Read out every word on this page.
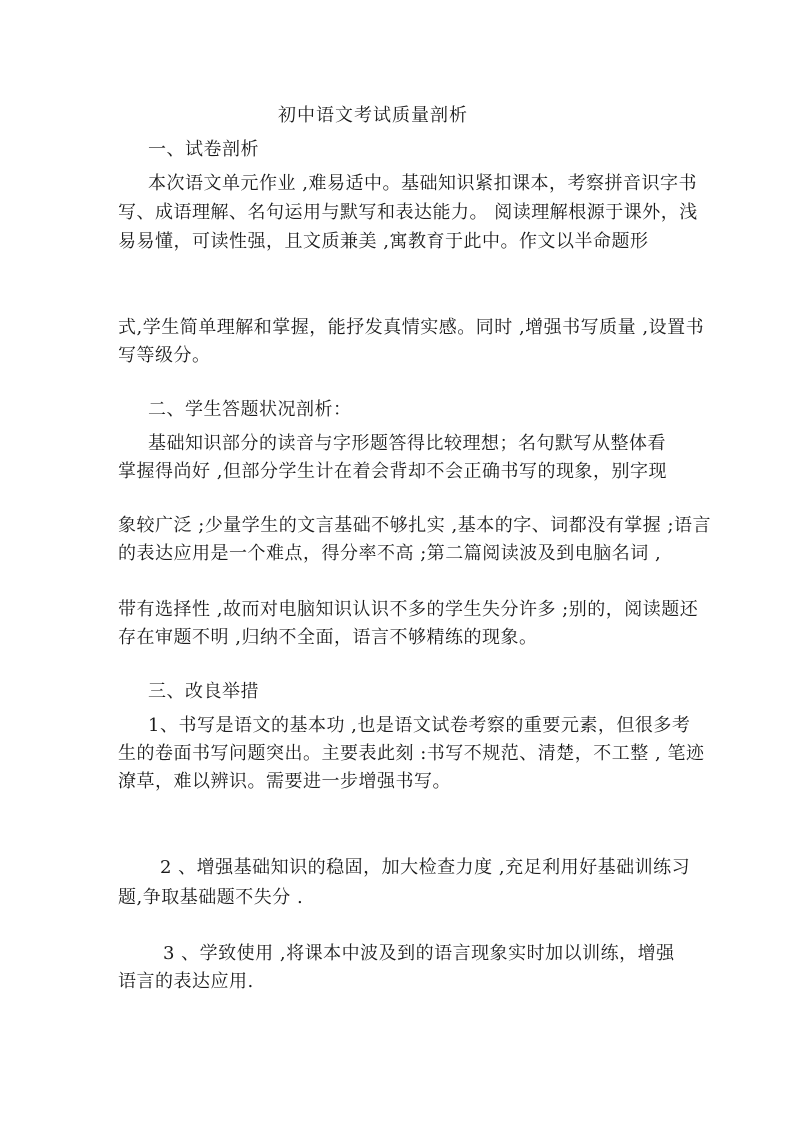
初中语文考试质量剖析
一、试卷剖析
本次语文单元作业 ,难易适中。基础知识紧扣课本，考察拼音识字书
写、成语理解、名句运用与默写和表达能力。 阅读理解根源于课外，浅
易易懂，可读性强，且文质兼美 ,寓教育于此中。作文以半命题形
式,学生简单理解和掌握，能抒发真情实感。同时 ,增强书写质量 ,设置书
写等级分。
二、学生答题状况剖析：
基础知识部分的读音与字形题答得比较理想；名句默写从整体看
掌握得尚好 ,但部分学生计在着会背却不会正确书写的现象，别字现
象较广泛 ;少量学生的文言基础不够扎实 ,基本的字、词都没有掌握 ;语言
的表达应用是一个难点，得分率不高 ;第二篇阅读波及到电脑名词 ,
带有选择性 ,故而对电脑知识认识不多的学生失分许多 ;别的，阅读题还
存在审题不明 ,归纳不全面，语言不够精练的现象。
三、改良举措
1、书写是语文的基本功 ,也是语文试卷考察的重要元素，但很多考
生的卷面书写问题突出。主要表此刻 :书写不规范、清楚，不工整 , 笔迹
潦草，难以辨识。需要进一步增强书写。
2 、增强基础知识的稳固，加大检查力度 ,充足利用好基础训练习
题,争取基础题不失分 .
3 、学致使用 ,将课本中波及到的语言现象实时加以训练，增强
语言的表达应用.
